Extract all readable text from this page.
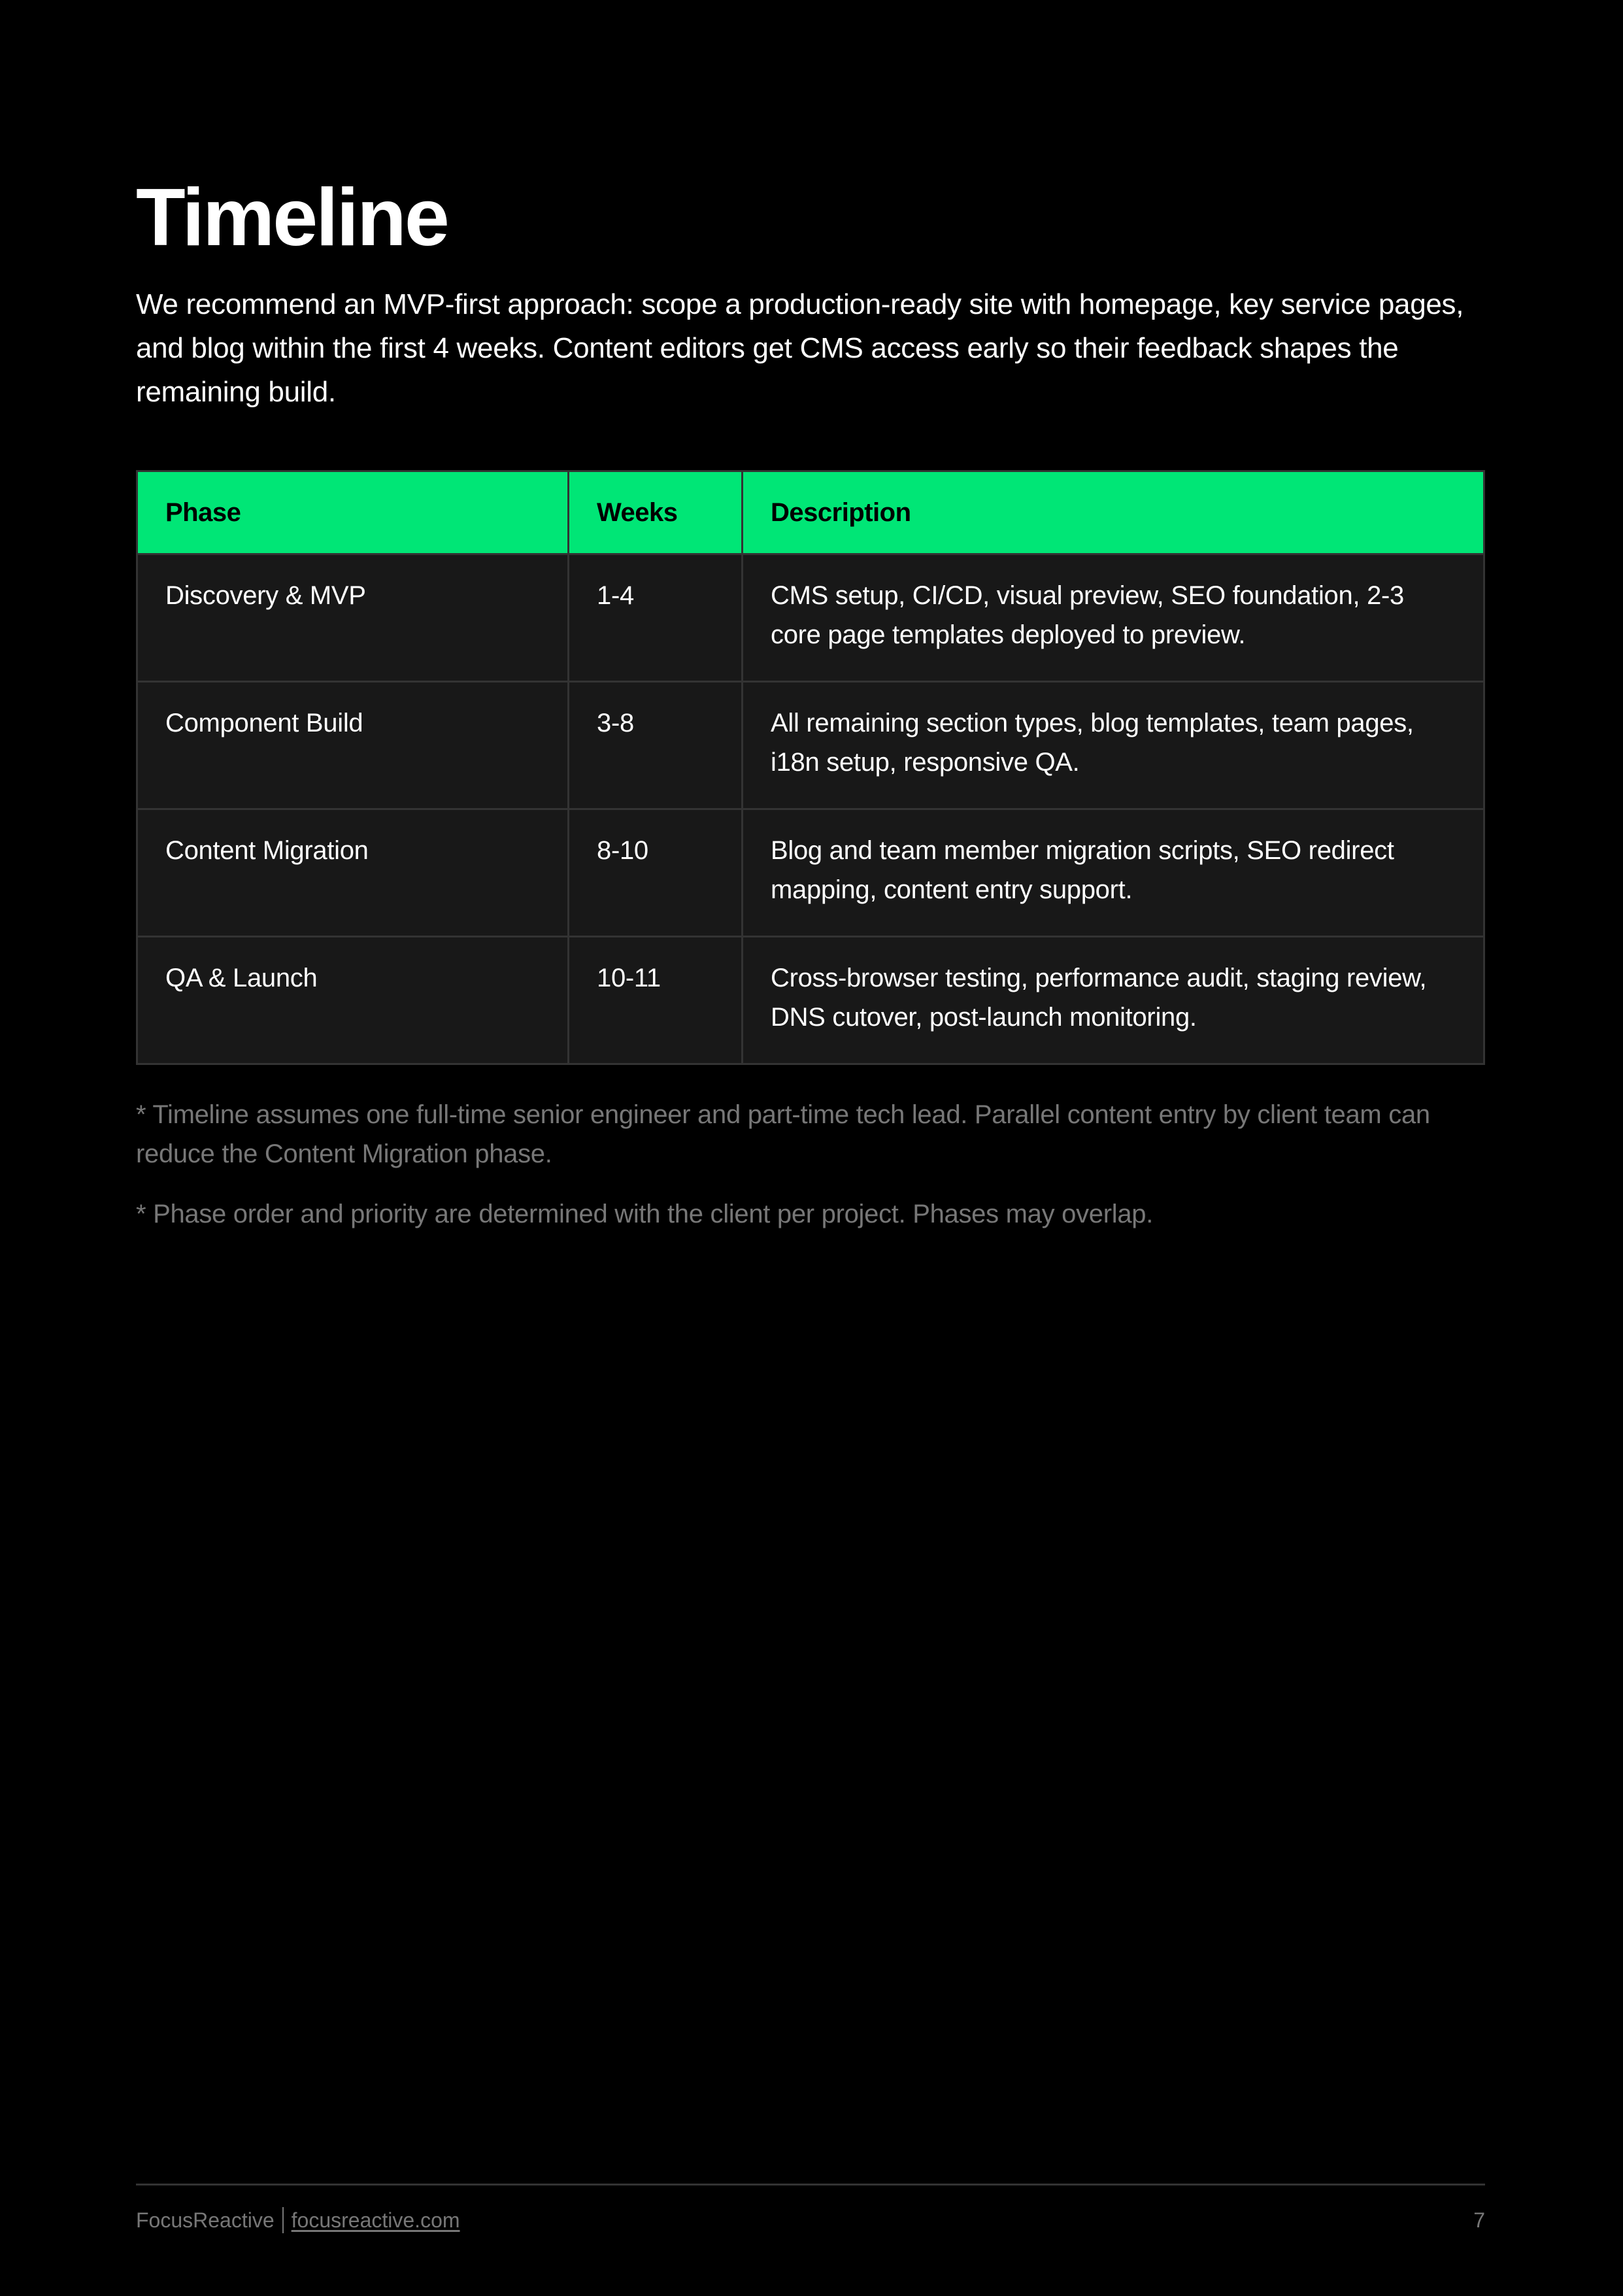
Timeline

We recommend an MVP-first approach: scope a production-ready site with homepage, key service pages, and blog within the first 4 weeks. Content editors get CMS access early so their feedback shapes the remaining build.

Phase	Weeks	Description
Discovery & MVP	1-4	CMS setup, CI/CD, visual preview, SEO foundation, 2-3 core page templates deployed to preview.
Component Build	3-8	All remaining section types, blog templates, team pages, i18n setup, responsive QA.
Content Migration	8-10	Blog and team member migration scripts, SEO redirect mapping, content entry support.
QA & Launch	10-11	Cross-browser testing, performance audit, staging review, DNS cutover, post-launch monitoring.

* Timeline assumes one full-time senior engineer and part-time tech lead. Parallel content entry by client team can reduce the Content Migration phase.

* Phase order and priority are determined with the client per project. Phases may overlap.

FocusReactive focusreactive.com	7
